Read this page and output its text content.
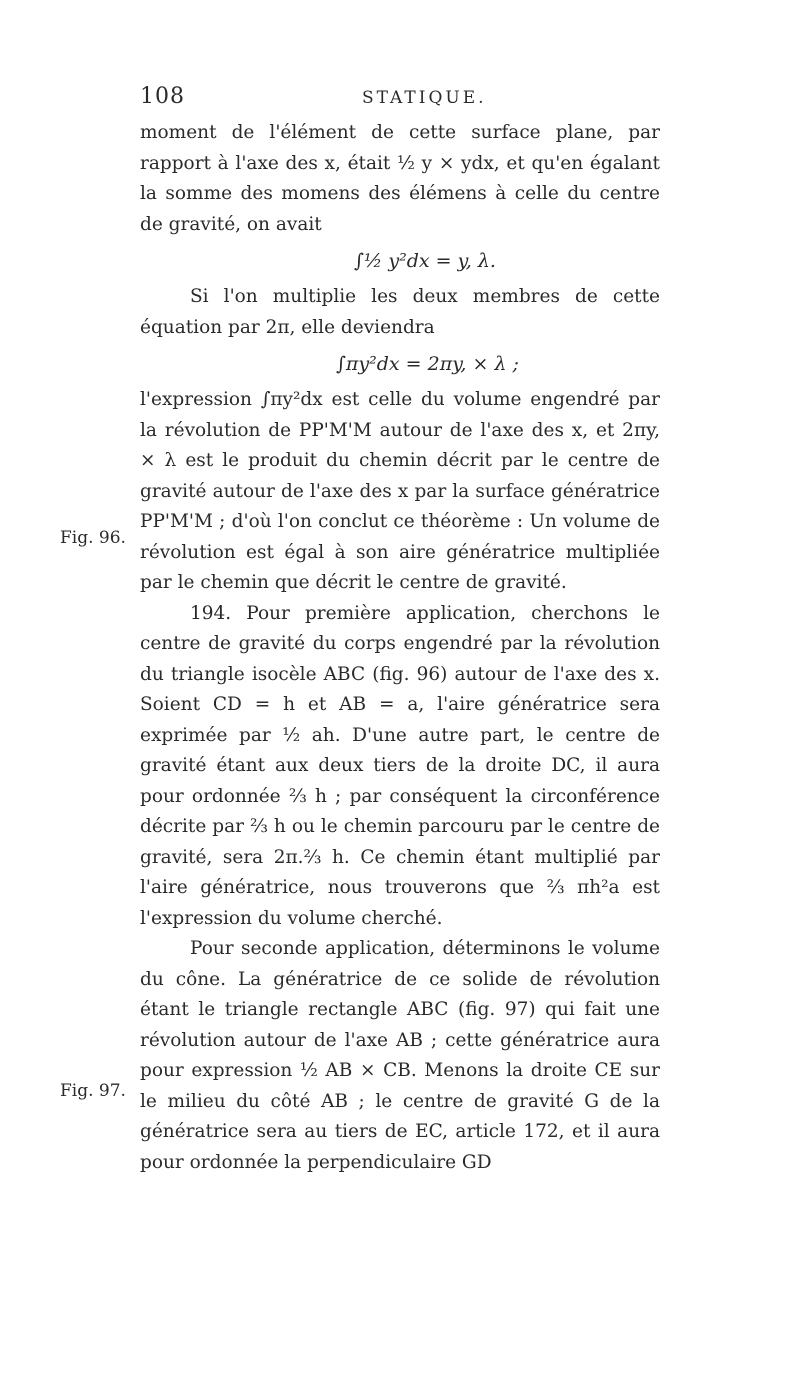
108	STATIQUE.
Fig. 96.
Fig. 97.

moment de l'élément de cette surface plane, par rapport à l'axe des x, était ½ y × ydx, et qu'en égalant la somme des momens des élémens à celle du centre de gravité, on avait

∫½ y²dx = y, λ.

Si l'on multiplie les deux membres de cette équation par 2π, elle deviendra

∫πy²dx = 2πy, × λ ;

l'expression ∫πy²dx est celle du volume engendré par la révolution de PP'M'M autour de l'axe des x, et 2πy, × λ est le produit du chemin décrit par le centre de gravité autour de l'axe des x par la surface génératrice PP'M'M ; d'où l'on conclut ce théorème : Un volume de révolution est égal à son aire génératrice multipliée par le chemin que décrit le centre de gravité.

194. Pour première application, cherchons le centre de gravité du corps engendré par la révolution du triangle isocèle ABC (fig. 96) autour de l'axe des x. Soient CD = h et AB = a, l'aire génératrice sera exprimée par ½ ah. D'une autre part, le centre de gravité étant aux deux tiers de la droite DC, il aura pour ordonnée ⅔ h ; par conséquent la circonférence décrite par ⅔ h ou le chemin parcouru par le centre de gravité, sera 2π.⅔ h. Ce chemin étant multiplié par l'aire génératrice, nous trouverons que ⅔ πh²a est l'expression du volume cherché.

Pour seconde application, déterminons le volume du cône. La génératrice de ce solide de révolution étant le triangle rectangle ABC (fig. 97) qui fait une révolution autour de l'axe AB ; cette génératrice aura pour expression ½ AB × CB. Menons la droite CE sur le milieu du côté AB ; le centre de gravité G de la génératrice sera au tiers de EC, article 172, et il aura pour ordonnée la perpendiculaire GD
